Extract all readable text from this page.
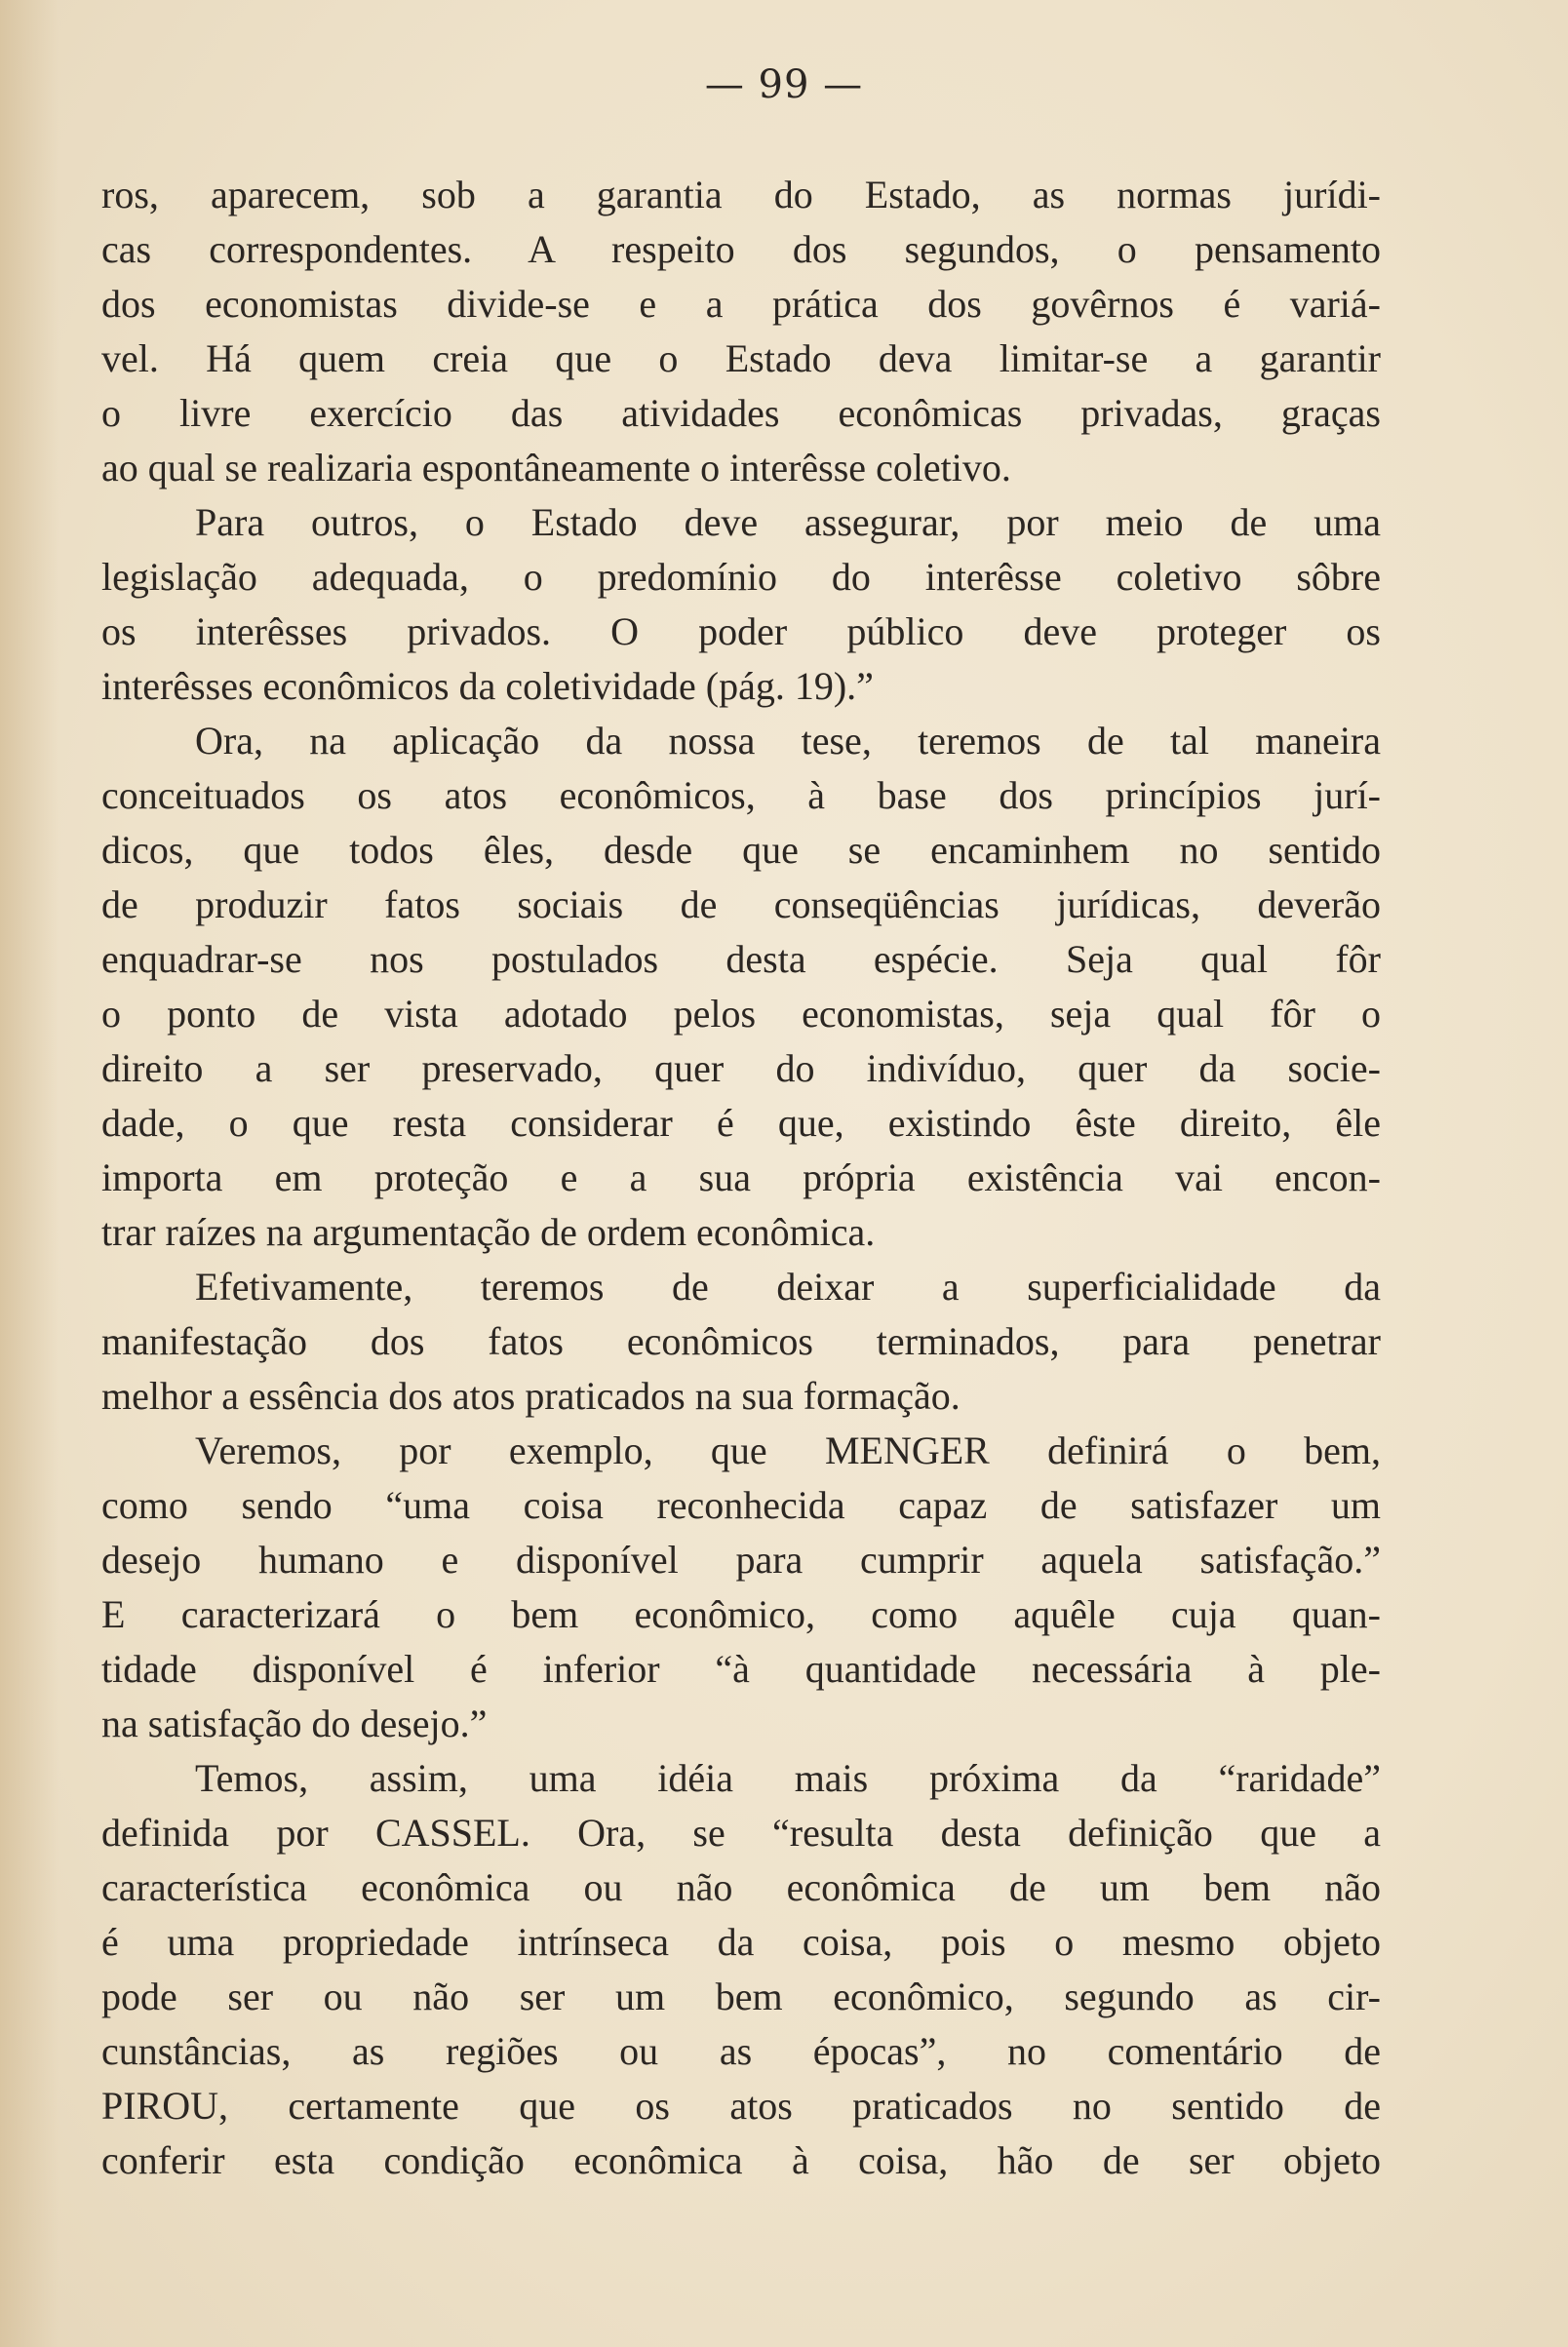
— 99 —
ros, aparecem, sob a garantia do Estado, as normas jurídi-
cas correspondentes. A respeito dos segundos, o pensamento
dos economistas divide-se e a prática dos govêrnos é variá-
vel. Há quem creia que o Estado deva limitar-se a garantir
o livre exercício das atividades econômicas privadas, graças
ao qual se realizaria espontâneamente o interêsse coletivo.
Para outros, o Estado deve assegurar, por meio de uma
legislação adequada, o predomínio do interêsse coletivo sôbre
os interêsses privados. O poder público deve proteger os
interêsses econômicos da coletividade (pág. 19).”
Ora, na aplicação da nossa tese, teremos de tal maneira
conceituados os atos econômicos, à base dos princípios jurí-
dicos, que todos êles, desde que se encaminhem no sentido
de produzir fatos sociais de conseqüências jurídicas, deverão
enquadrar-se nos postulados desta espécie. Seja qual fôr
o ponto de vista adotado pelos economistas, seja qual fôr o
direito a ser preservado, quer do indivíduo, quer da socie-
dade, o que resta considerar é que, existindo êste direito, êle
importa em proteção e a sua própria existência vai encon-
trar raízes na argumentação de ordem econômica.
Efetivamente, teremos de deixar a superficialidade da
manifestação dos fatos econômicos terminados, para penetrar
melhor a essência dos atos praticados na sua formação.
Veremos, por exemplo, que MENGER definirá o bem,
como sendo “uma coisa reconhecida capaz de satisfazer um
desejo humano e disponível para cumprir aquela satisfação.”
E caracterizará o bem econômico, como aquêle cuja quan-
tidade disponível é inferior “à quantidade necessária à ple-
na satisfação do desejo.”
Temos, assim, uma idéia mais próxima da “raridade”
definida por CASSEL. Ora, se “resulta desta definição que a
característica econômica ou não econômica de um bem não
é uma propriedade intrínseca da coisa, pois o mesmo objeto
pode ser ou não ser um bem econômico, segundo as cir-
cunstâncias, as regiões ou as épocas”, no comentário de
PIROU, certamente que os atos praticados no sentido de
conferir esta condição econômica à coisa, hão de ser objeto
